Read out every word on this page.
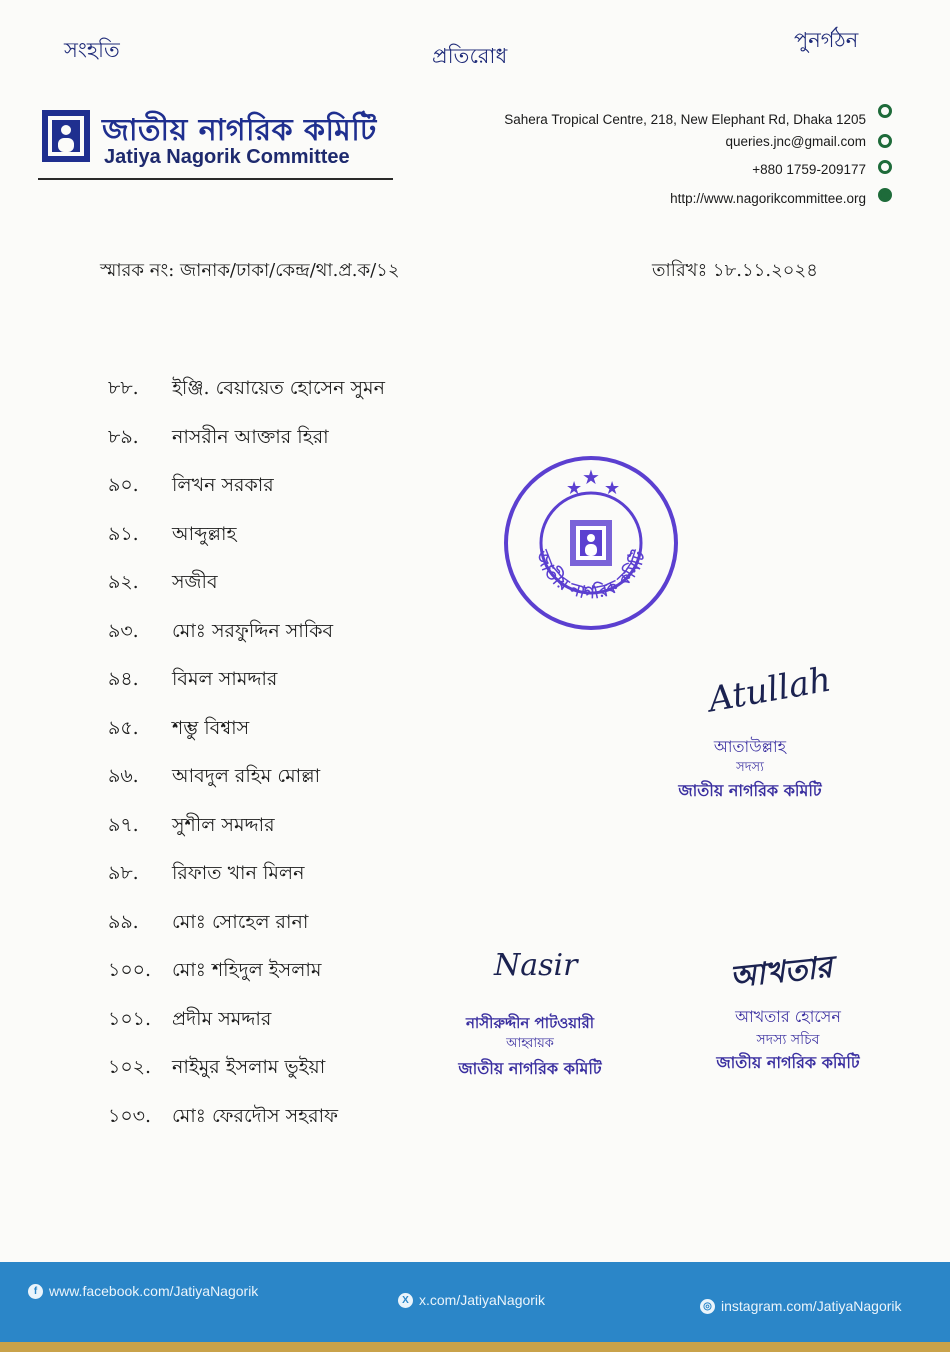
সংহতি	প্রতিরোধ
পুনর্গঠন
জাতীয় নাগরিক কমিটি
Jatiya Nagorik Committee
Sahera Tropical Centre, 218, New Elephant Rd, Dhaka 1205
queries.jnc@gmail.com
+880 1759-209177
http://www.nagorikcommittee.org
স্মারক নং: জানাক/ঢাকা/কেন্দ্র/থা.প্র.ক/১২	তারিখঃ ১৮.১১.২০২৪
৮৮.	ইঞ্জি. বেয়ায়েত হোসেন সুমন
৮৯.	নাসরীন আক্তার হিরা
৯০.	লিখন সরকার
৯১.	আব্দুল্লাহ
৯২.	সজীব
৯৩.	মোঃ সরফুদ্দিন সাকিব
৯৪.	বিমল সামদ্দার
৯৫.	শম্ভু বিশ্বাস
৯৬.	আবদুল রহিম মোল্লা
৯৭.	সুশীল সমদ্দার
৯৮.	রিফাত খান মিলন
৯৯.	মোঃ সোহেল রানা
১০০.	মোঃ শহিদুল ইসলাম
১০১.	প্রদীম সমদ্দার
১০২.	নাইমুর ইসলাম ভুইয়া
১০৩.	মোঃ ফেরদৌস সহরাফ
★ ★ ★
জাতীয় নাগরিক কমিটি
Atullah
আতাউল্লাহ
সদস্য
জাতীয় নাগরিক কমিটি
Nasir
নাসীরুদ্দীন পাটওয়ারী
আহ্বায়ক
জাতীয় নাগরিক কমিটি
আখতার
আখতার হোসেন
সদস্য সচিব
জাতীয় নাগরিক কমিটি
f www.facebook.com/JatiyaNagorik
X x.com/JatiyaNagorik	◎ instagram.com/JatiyaNagorik
